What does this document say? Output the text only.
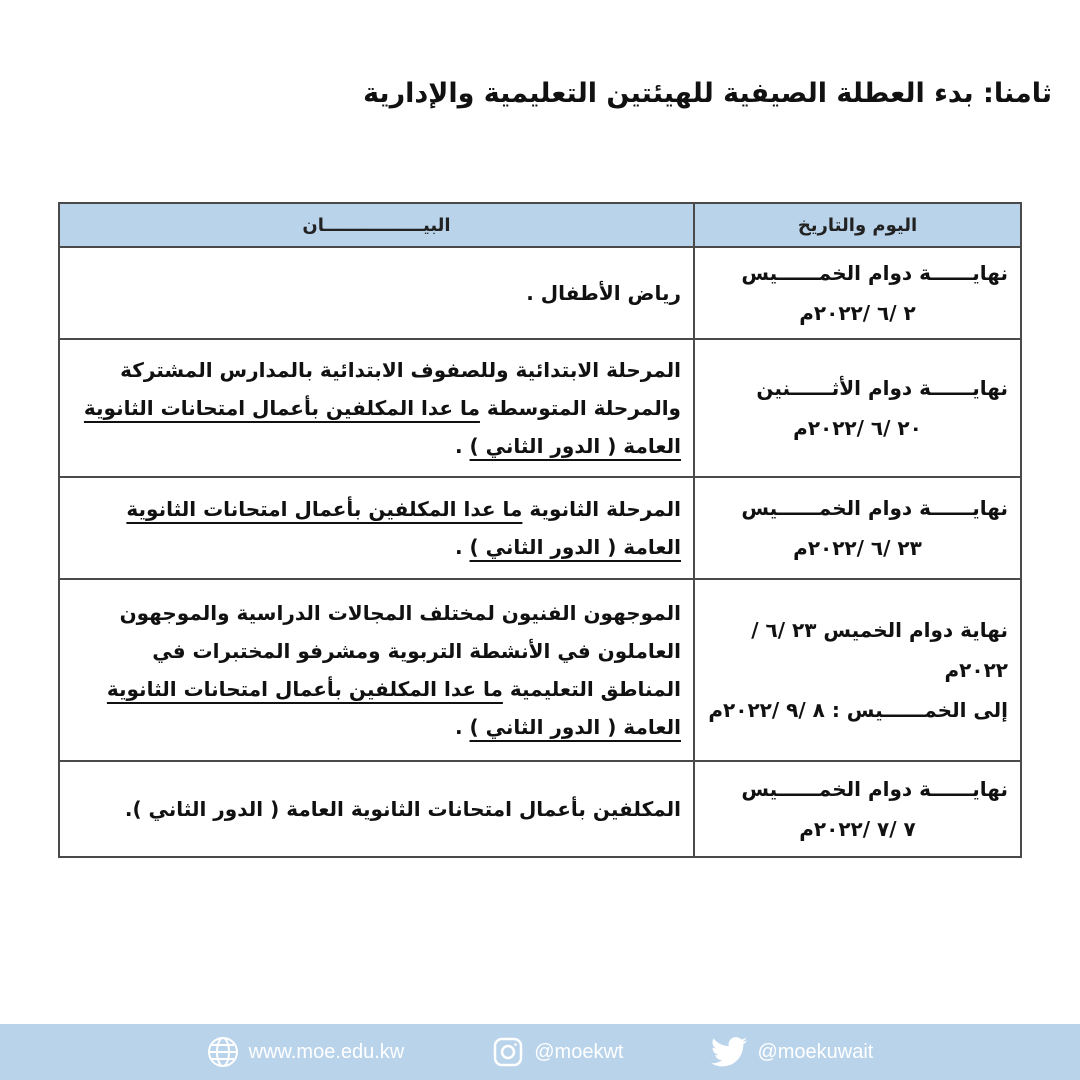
ثامنا: بدء العطلة الصيفية للهيئتين التعليمية والإدارية
اليوم والتاريخ	البيــــــــــــــــان

نهايــــــة دوام الخمــــــيس
٢ /٦ /٢٠٢٢م	رياض الأطفال .

نهايــــــة دوام الأثــــــنين
٢٠ /٦ /٢٠٢٢م	المرحلة الابتدائية وللصفوف الابتدائية بالمدارس المشتركة والمرحلة المتوسطة ما عدا المكلفين بأعمال امتحانات الثانوية العامة ( الدور الثاني ) .

نهايــــــة دوام الخمــــــيس
٢٣ /٦ /٢٠٢٢م	المرحلة الثانوية ما عدا المكلفين بأعمال امتحانات الثانوية العامة ( الدور الثاني ) .

نهاية دوام الخميس ٢٣ /٦ /٢٠٢٢م
إلى الخمــــــيس : ٨ /٩ /٢٠٢٢م	الموجهون الفنيون لمختلف المجالات الدراسية والموجهون العاملون في الأنشطة التربوية ومشرفو المختبرات في المناطق التعليمية ما عدا المكلفين بأعمال امتحانات الثانوية العامة ( الدور الثاني ) .

نهايــــــة دوام الخمــــــيس
٧ /٧ /٢٠٢٢م	المكلفين بأعمال امتحانات الثانوية العامة ( الدور الثاني ).
www.moe.edu.kw	@moekwt	@moekuwait
